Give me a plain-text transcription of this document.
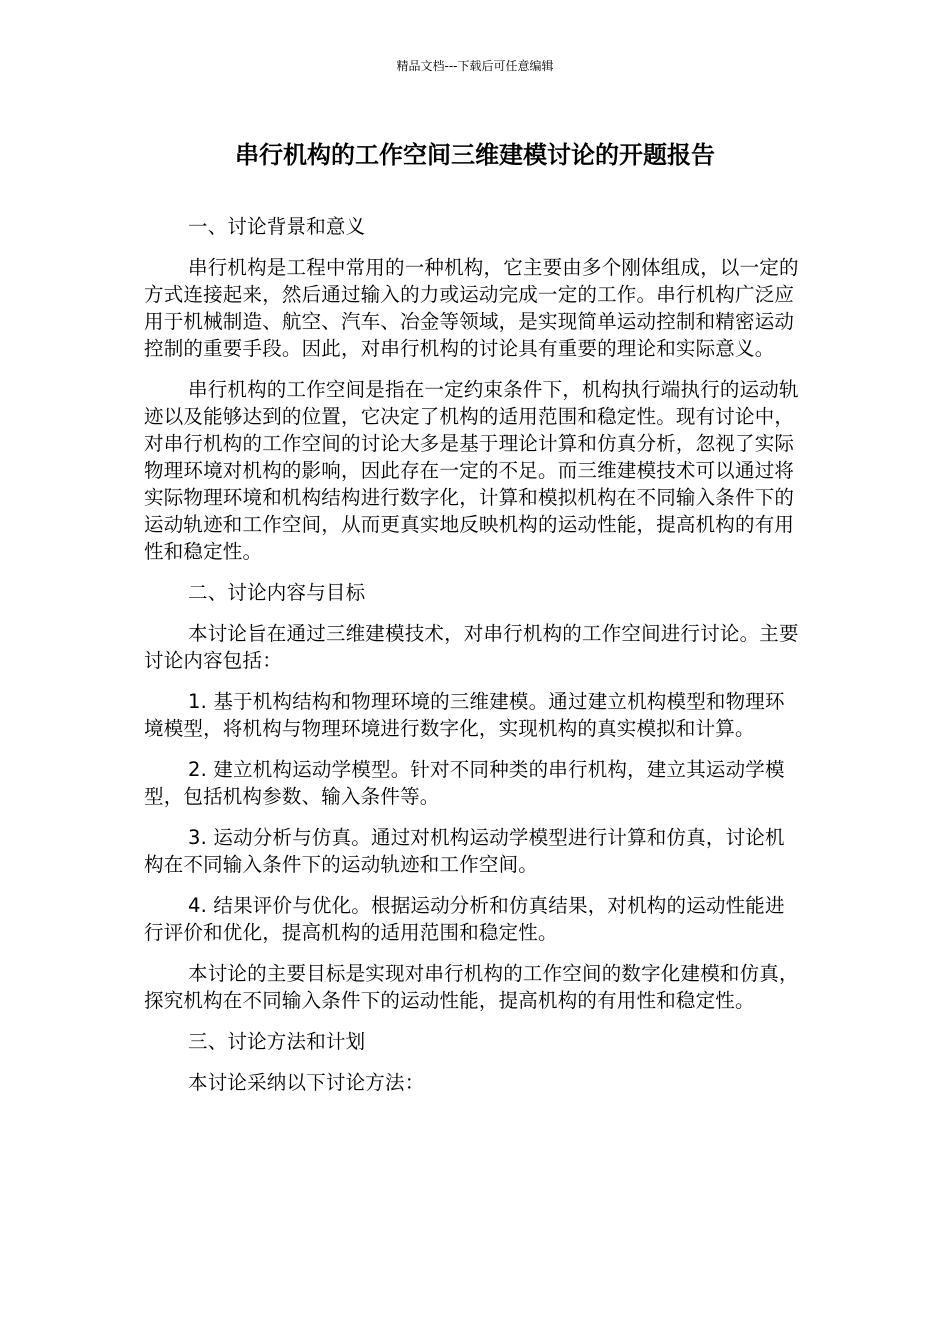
精品文档---下载后可任意编辑
串行机构的工作空间三维建模讨论的开题报告

一、讨论背景和意义

串行机构是工程中常用的一种机构，它主要由多个刚体组成，以一定的方式连接起来，然后通过输入的力或运动完成一定的工作。串行机构广泛应用于机械制造、航空、汽车、冶金等领域，是实现简单运动控制和精密运动控制的重要手段。因此，对串行机构的讨论具有重要的理论和实际意义。

串行机构的工作空间是指在一定约束条件下，机构执行端执行的运动轨迹以及能够达到的位置，它决定了机构的适用范围和稳定性。现有讨论中，对串行机构的工作空间的讨论大多是基于理论计算和仿真分析，忽视了实际物理环境对机构的影响，因此存在一定的不足。而三维建模技术可以通过将实际物理环境和机构结构进行数字化，计算和模拟机构在不同输入条件下的运动轨迹和工作空间，从而更真实地反映机构的运动性能，提高机构的有用性和稳定性。

二、讨论内容与目标

本讨论旨在通过三维建模技术，对串行机构的工作空间进行讨论。主要讨论内容包括：

1. 基于机构结构和物理环境的三维建模。通过建立机构模型和物理环境模型，将机构与物理环境进行数字化，实现机构的真实模拟和计算。

2. 建立机构运动学模型。针对不同种类的串行机构，建立其运动学模型，包括机构参数、输入条件等。

3. 运动分析与仿真。通过对机构运动学模型进行计算和仿真，讨论机构在不同输入条件下的运动轨迹和工作空间。

4. 结果评价与优化。根据运动分析和仿真结果，对机构的运动性能进行评价和优化，提高机构的适用范围和稳定性。

本讨论的主要目标是实现对串行机构的工作空间的数字化建模和仿真，探究机构在不同输入条件下的运动性能，提高机构的有用性和稳定性。

三、讨论方法和计划

本讨论采纳以下讨论方法：
